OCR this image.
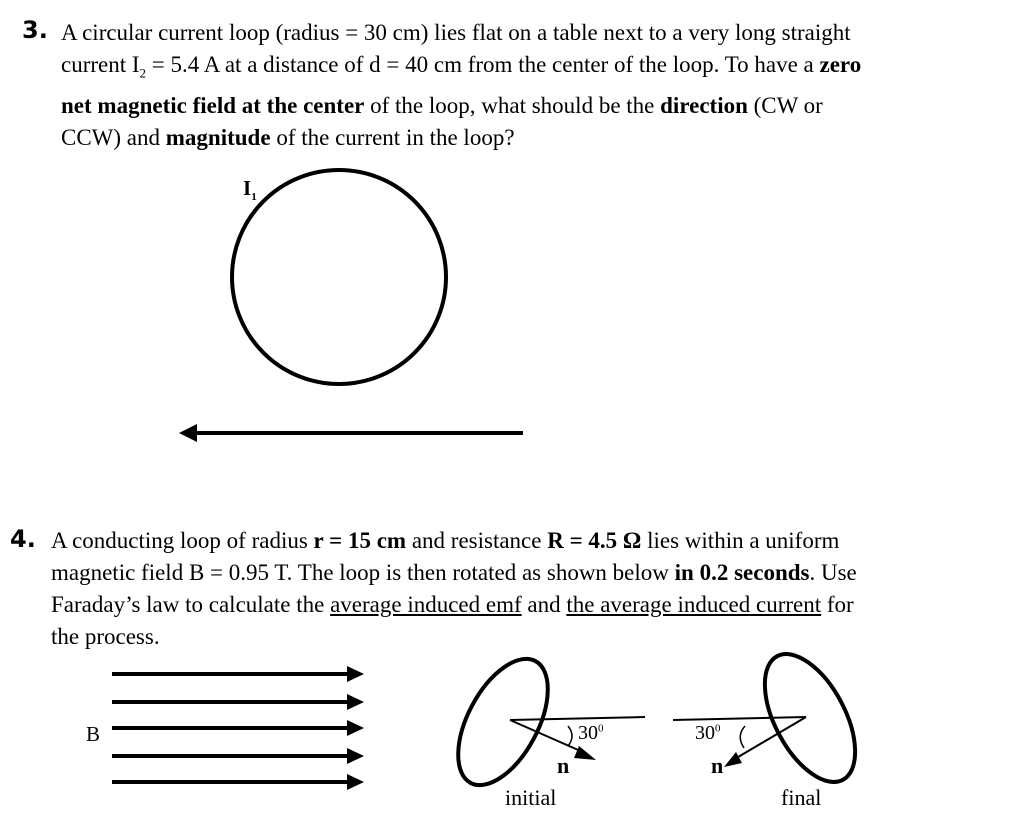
3. A circular current loop (radius = 30 cm) lies flat on a table next to a very long straight
current $I_2 = 5.4$ A at a distance of d = 40 cm from the center of the loop. To have a zero
net magnetic field at the center of the loop, what should be the direction (CW or
CCW) and magnitude of the current in the loop?

$I_1$
4. A conducting loop of radius r = 15 cm and resistance R = 4.5 Ω lies within a uniform
magnetic field B = 0.95 T. The loop is then rotated as shown below in 0.2 seconds. Use
Faraday’s law to calculate the average induced emf and the average induced current for
the process.

B	$30^0$
n
initial
$30^0$
n
final
